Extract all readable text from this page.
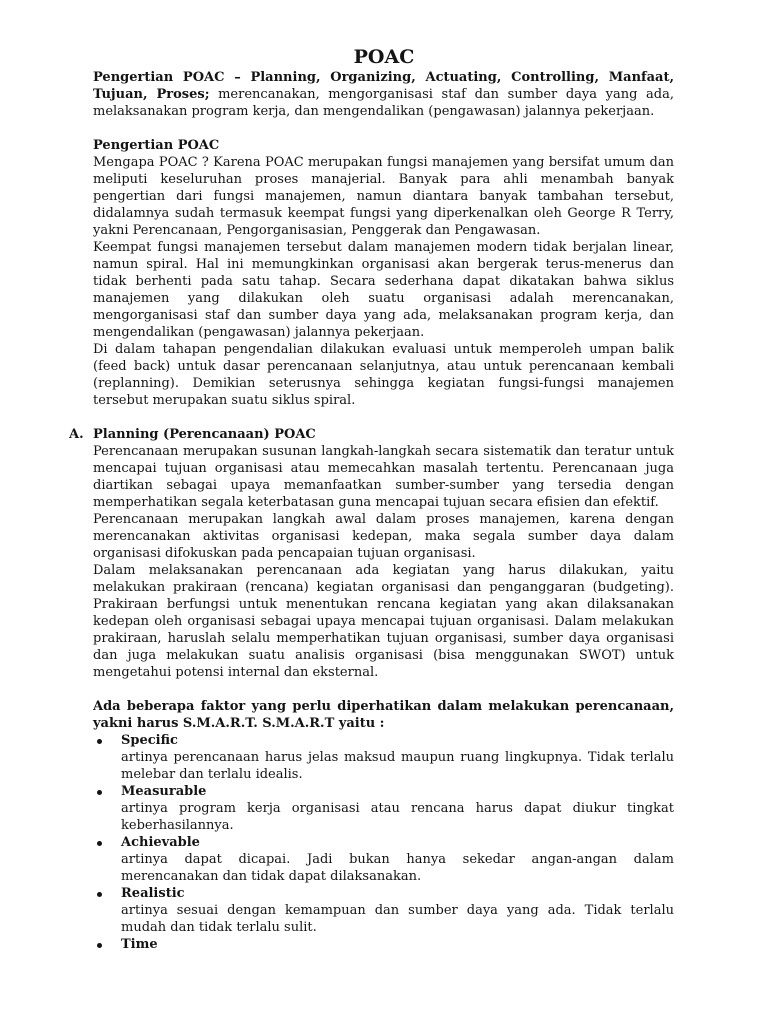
POAC

Pengertian POAC – Planning, Organizing, Actuating, Controlling, Manfaat, Tujuan, Proses; merencanakan, mengorganisasi staf dan sumber daya yang ada, melaksanakan program kerja, dan mengendalikan (pengawasan) jalannya pekerjaan.

Pengertian POAC

Mengapa POAC ? Karena POAC merupakan fungsi manajemen yang bersifat umum dan meliputi keseluruhan proses manajerial. Banyak para ahli menambah banyak pengertian dari fungsi manajemen, namun diantara banyak tambahan tersebut, didalamnya sudah termasuk keempat fungsi yang diperkenalkan oleh George R Terry, yakni Perencanaan, Pengorganisasian, Penggerak dan Pengawasan.

Keempat fungsi manajemen tersebut dalam manajemen modern tidak berjalan linear, namun spiral. Hal ini memungkinkan organisasi akan bergerak terus-menerus dan tidak berhenti pada satu tahap. Secara sederhana dapat dikatakan bahwa siklus manajemen yang dilakukan oleh suatu organisasi adalah merencanakan, mengorganisasi staf dan sumber daya yang ada, melaksanakan program kerja, dan mengendalikan (pengawasan) jalannya pekerjaan.

Di dalam tahapan pengendalian dilakukan evaluasi untuk memperoleh umpan balik (feed back) untuk dasar perencanaan selanjutnya, atau untuk perencanaan kembali (replanning). Demikian seterusnya sehingga kegiatan fungsi-fungsi manajemen tersebut merupakan suatu siklus spiral.

A. Planning (Perencanaan) POAC

Perencanaan merupakan susunan langkah-langkah secara sistematik dan teratur untuk mencapai tujuan organisasi atau memecahkan masalah tertentu. Perencanaan juga diartikan sebagai upaya memanfaatkan sumber-sumber yang tersedia dengan memperhatikan segala keterbatasan guna mencapai tujuan secara efisien dan efektif.

Perencanaan merupakan langkah awal dalam proses manajemen, karena dengan merencanakan aktivitas organisasi kedepan, maka segala sumber daya dalam organisasi difokuskan pada pencapaian tujuan organisasi.

Dalam melaksanakan perencanaan ada kegiatan yang harus dilakukan, yaitu melakukan prakiraan (rencana) kegiatan organisasi dan penganggaran (budgeting). Prakiraan berfungsi untuk menentukan rencana kegiatan yang akan dilaksanakan kedepan oleh organisasi sebagai upaya mencapai tujuan organisasi. Dalam melakukan prakiraan, haruslah selalu memperhatikan tujuan organisasi, sumber daya organisasi dan juga melakukan suatu analisis organisasi (bisa menggunakan SWOT) untuk mengetahui potensi internal dan eksternal.

Ada beberapa faktor yang perlu diperhatikan dalam melakukan perencanaan, yakni harus S.M.A.R.T. S.M.A.R.T yaitu :

Specific

artinya perencanaan harus jelas maksud maupun ruang lingkupnya. Tidak terlalu melebar dan terlalu idealis.

Measurable

artinya program kerja organisasi atau rencana harus dapat diukur tingkat keberhasilannya.

Achievable

artinya dapat dicapai. Jadi bukan hanya sekedar angan-angan dalam merencanakan dan tidak dapat dilaksanakan.

Realistic

artinya sesuai dengan kemampuan dan sumber daya yang ada. Tidak terlalu mudah dan tidak terlalu sulit.

Time
